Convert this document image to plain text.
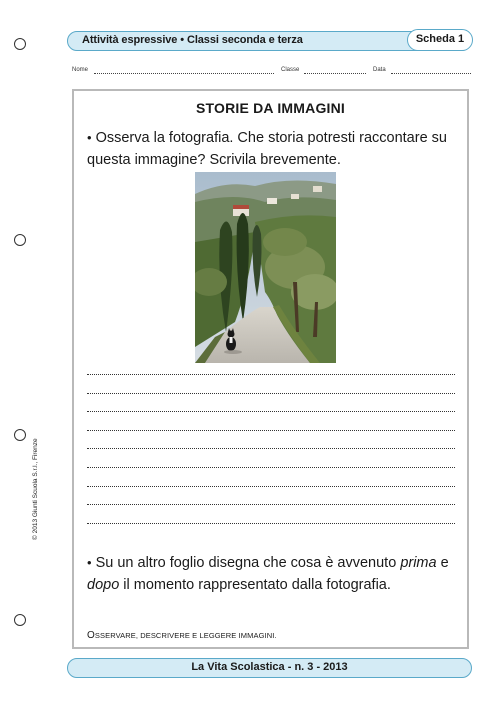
Attività espressive • Classi seconda e terza	Scheda 1
Nome	Classe	Data
STORIE DA IMMAGINI
• Osserva la fotografia. Che storia potresti raccontare su questa immagine? Scrivila brevemente.
• Su un altro foglio disegna che cosa è avvenuto prima e dopo il momento rappresentato dalla fotografia.
OSSERVARE, DESCRIVERE E LEGGERE IMMAGINI.
© 2013 Giunti Scuola S.r.l., Firenze
La Vita Scolastica - n. 3 - 2013
